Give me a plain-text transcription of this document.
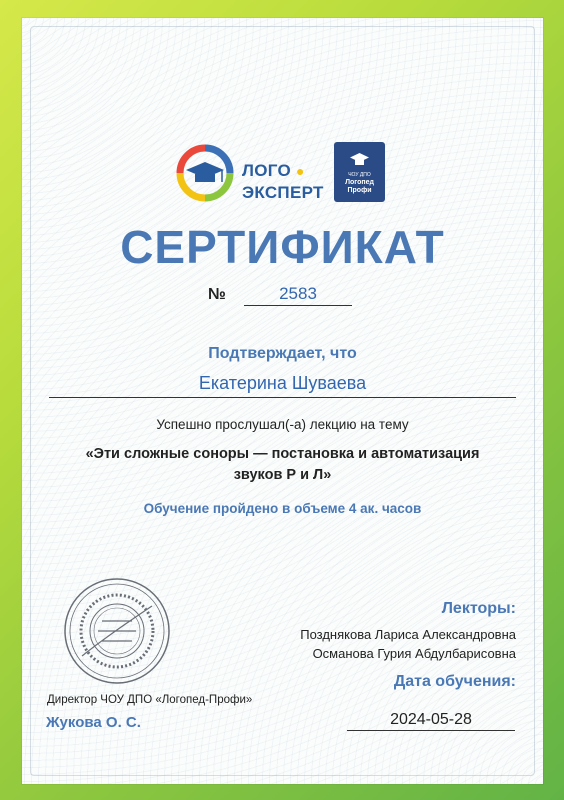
ЛОГО ●
ЭКСПЕРТ
ЧОУ ДПО
Логопед
Профи
СЕРТИФИКАТ
№	2583
Подтверждает, что
Екатерина Шуваева
Успешно прослушал(-а) лекцию на тему
«Эти сложные соноры — постановка и автоматизация звуков Р и Л»
Обучение пройдено в объеме 4 ак. часов
Лекторы:
Позднякова Лариса Александровна
Османова Гурия Абдулбарисовна
Дата обучения:
Директор ЧОУ ДПО «Логопед-Профи»
Жукова О. С.	2024-05-28
